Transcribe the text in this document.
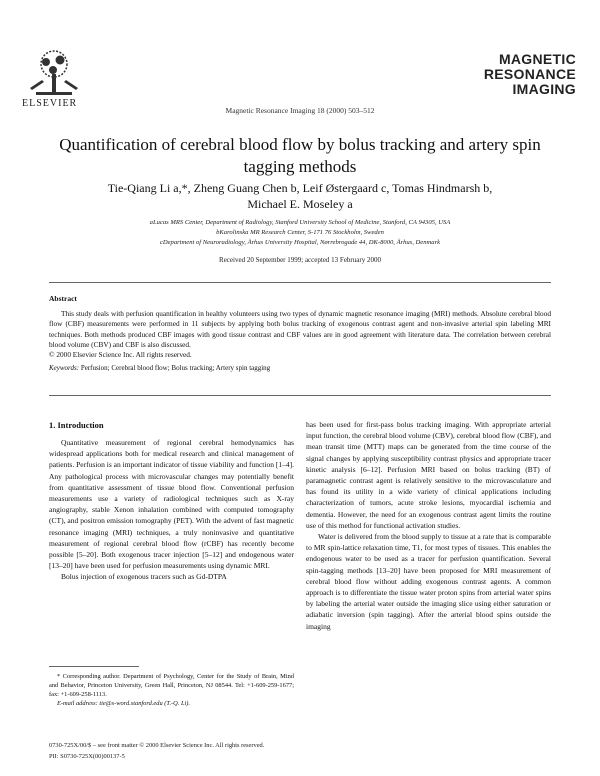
ELSEVIER
Magnetic Resonance Imaging 18 (2000) 503–512
MAGNETIC
RESONANCE
IMAGING
Quantification of cerebral blood flow by bolus tracking and artery spin tagging methods
Tie-Qiang Li a,*, Zheng Guang Chen b, Leif Østergaard c, Tomas Hindmarsh b,
Michael E. Moseley a
aLucas MRS Center, Department of Radiology, Stanford University School of Medicine, Stanford, CA 94305, USA
bKarolinska MR Research Center, S-171 76 Stockholm, Sweden
cDepartment of Neuroradiology, Århus University Hospital, Nørrebrogade 44, DK-8000, Århus, Denmark
Received 20 September 1999; accepted 13 February 2000
Abstract
This study deals with perfusion quantification in healthy volunteers using two types of dynamic magnetic resonance imaging (MRI) methods. Absolute cerebral blood flow (CBF) measurements were performed in 11 subjects by applying both bolus tracking of exogenous contrast agent and non-invasive arterial spin labeling MRI techniques. Both methods produced CBF images with good tissue contrast and CBF values are in good agreement with literature data. The correlation between cerebral blood volume (CBV) and CBF is also discussed.
© 2000 Elsevier Science Inc. All rights reserved.
Keywords: Perfusion; Cerebral blood flow; Bolus tracking; Artery spin tagging
1. Introduction

Quantitative measurement of regional cerebral hemodynamics has widespread applications both for medical research and clinical management of patients. Perfusion is an important indicator of tissue viability and function [1–4]. Any pathological process with microvascular changes may potentially benefit from quantitative assessment of tissue blood flow. Conventional perfusion measurements use a variety of radiological techniques such as X-ray angiography, stable Xenon inhalation combined with computed tomography (CT), and positron emission tomography (PET). With the advent of fast magnetic resonance imaging (MRI) techniques, a truly noninvasive and quantitative measurement of regional cerebral blood flow (rCBF) has recently become possible [5–20]. Both exogenous tracer injection [5–12] and endogenous water [13–20] have been used for perfusion measurements using dynamic MRI.

Bolus injection of exogenous tracers such as Gd-DTPA

has been used for first-pass bolus tracking imaging. With appropriate arterial input function, the cerebral blood volume (CBV), cerebral blood flow (CBF), and mean transit time (MTT) maps can be generated from the time course of the signal changes by applying susceptibility contrast physics and appropriate tracer kinetic analysis [6–12]. Perfusion MRI based on bolus tracking (BT) of paramagnetic contrast agent is relatively sensitive to the microvasculature and has found its utility in a wide variety of clinical applications including characterization of tumors, acute stroke lesions, myocardial ischemia and dementia. However, the need for an exogenous contrast agent limits the routine use of this method for functional activation studies.

Water is delivered from the blood supply to tissue at a rate that is comparable to MR spin-lattice relaxation time, T1, for most types of tissues. This enables the endogenous water to be used as a tracer for perfusion quantification. Several spin-tagging methods [13–20] have been proposed for MRI measurement of cerebral blood flow without adding exogenous contrast agents. A common approach is to differentiate the tissue water proton spins from arterial water spins by labeling the arterial water outside the imaging slice using either saturation or adiabatic inversion (spin tagging). After the arterial blood spins outside the imaging

* Corresponding author. Department of Psychology, Center for the Study of Brain, Mind and Behavior, Princeton University, Green Hall, Princeton, NJ 08544. Tel: +1-609-259-1677; fax: +1-609-258-1113.

E-mail address: tie@s-word.stanford.edu (T.-Q. Li).

0730-725X/00/$ – see front matter © 2000 Elsevier Science Inc. All rights reserved.
PII: S0730-725X(00)00137-5
